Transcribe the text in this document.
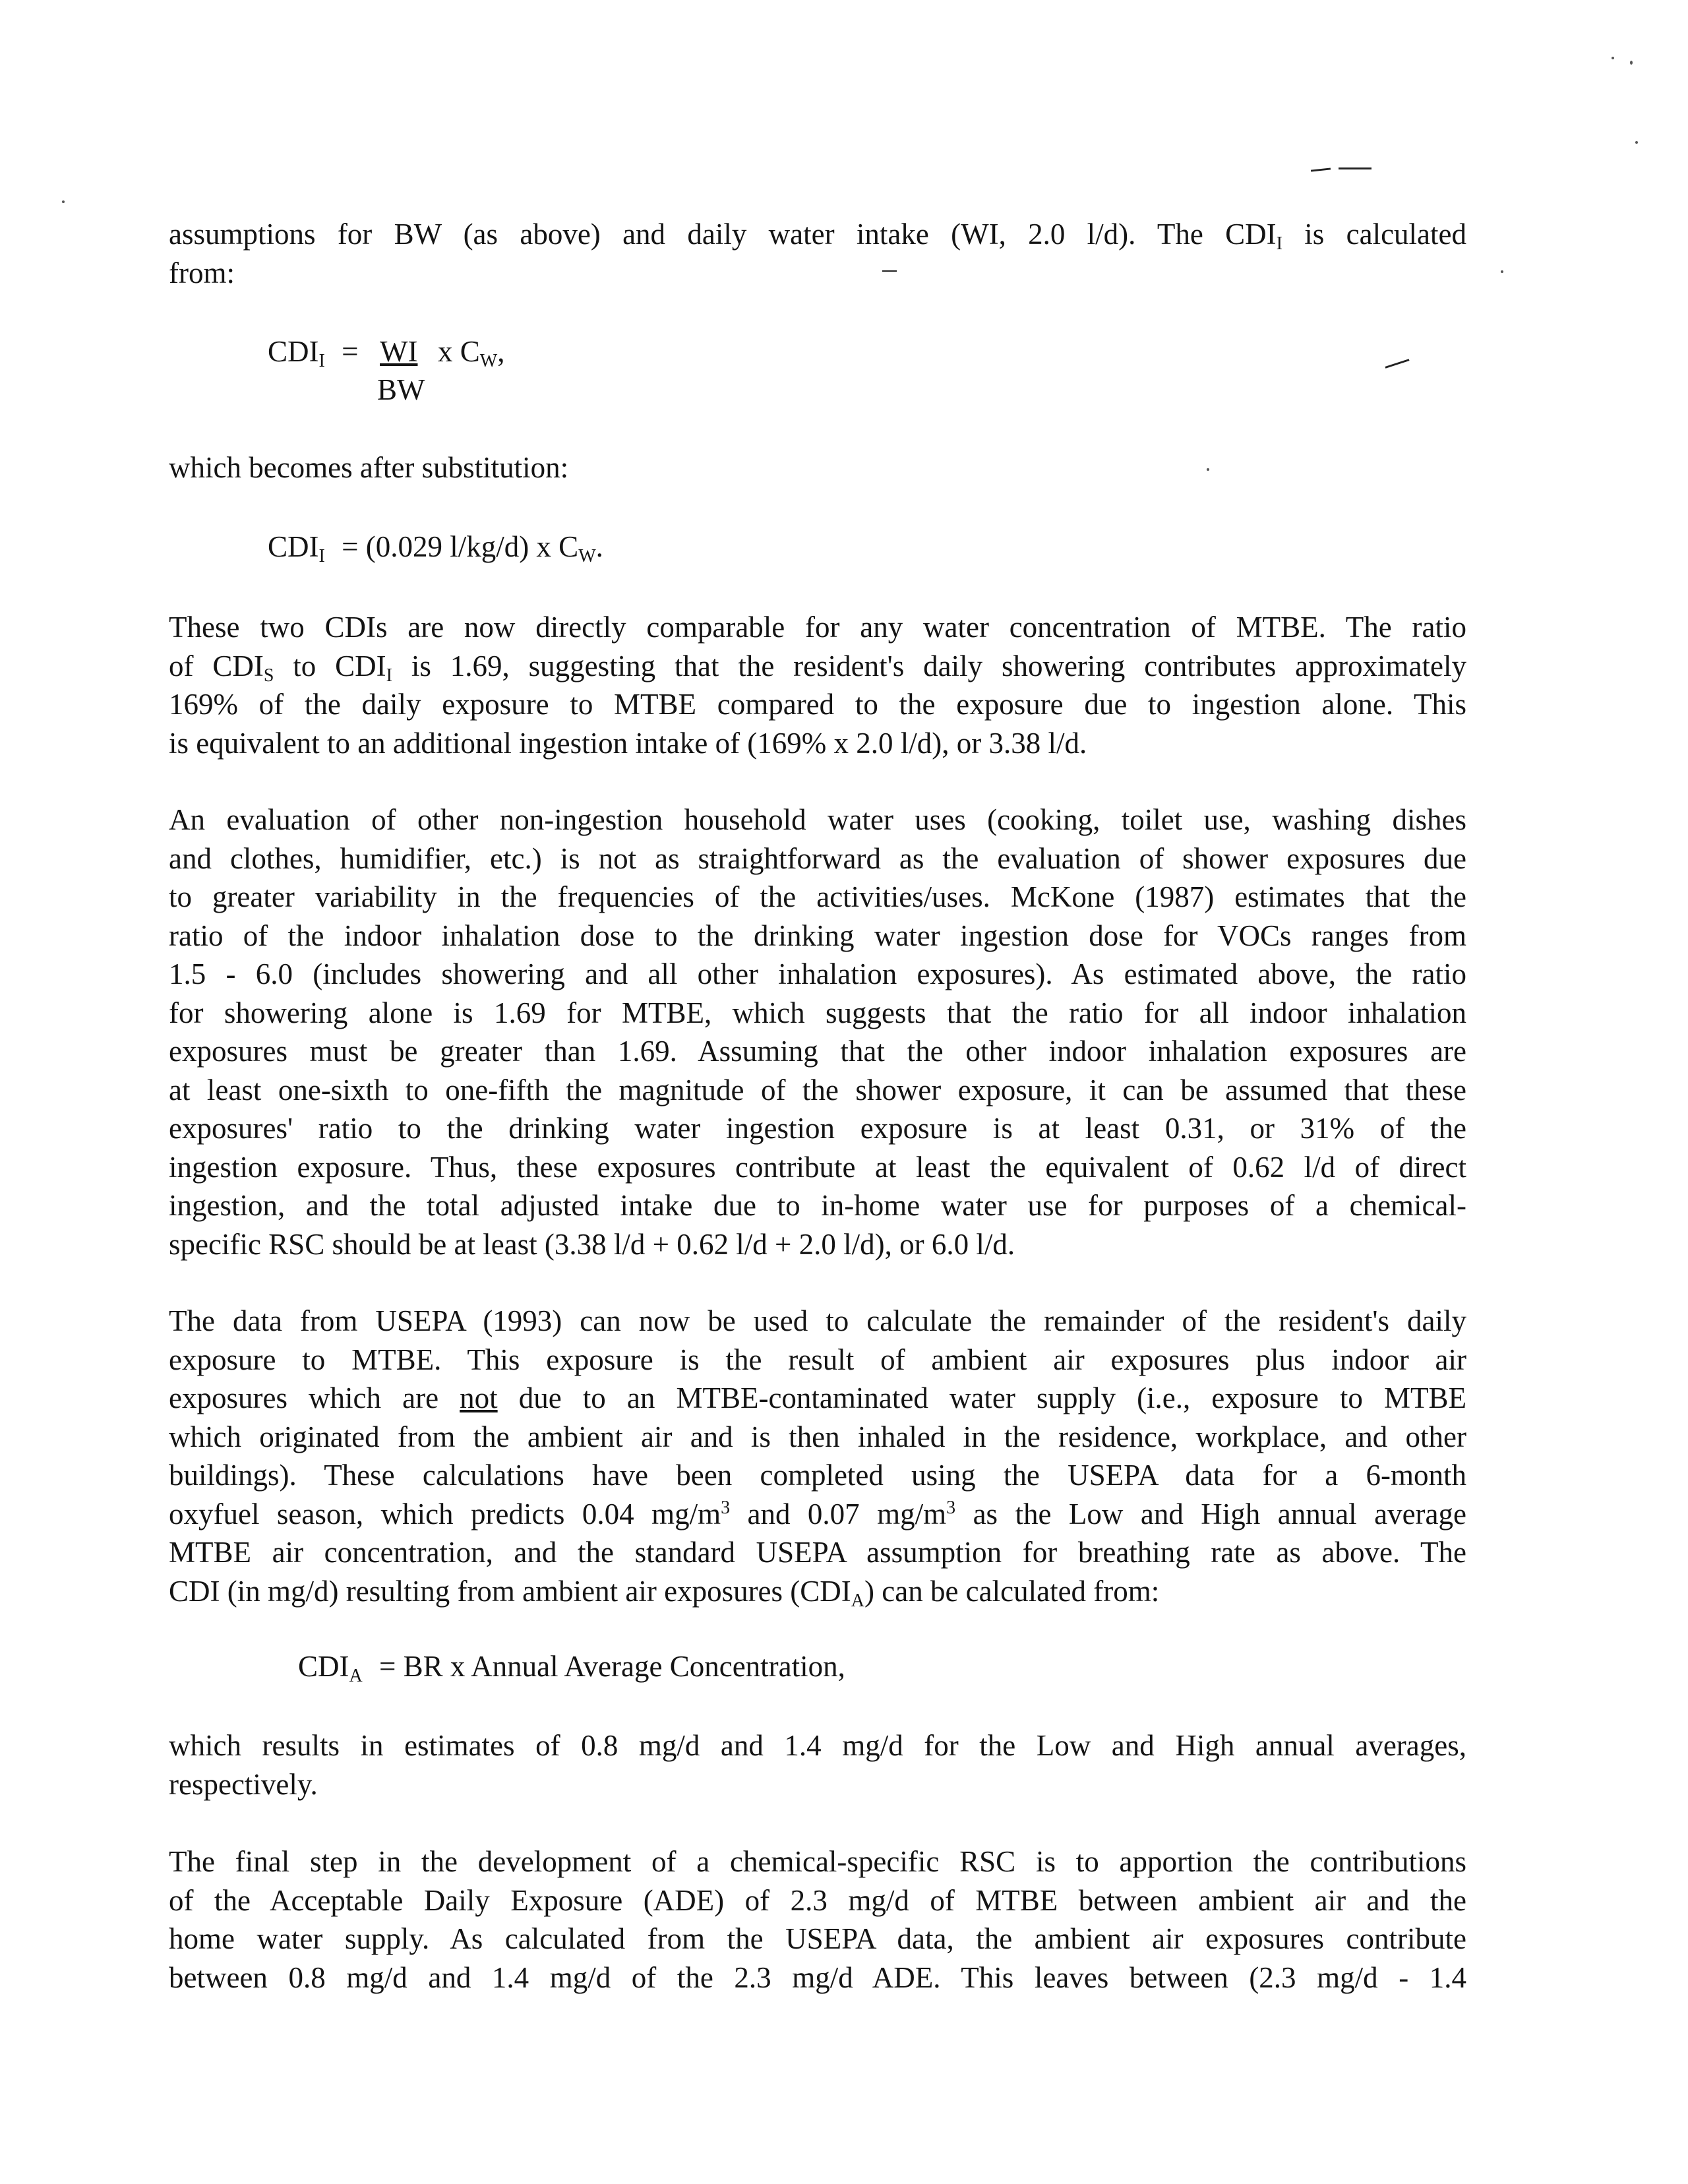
assumptions for BW (as above) and daily water intake (WI, 2.0 l/d). The $CDI_I$ is calculated
from:
$CDI_I$ = WI
BW
x $C_W$,
which becomes after substitution:
$CDI_I = (0.029$ l/kg/d) x $C_W$.
These two CDIs are now directly comparable for any water concentration of MTBE. The ratio
of $CDI_S$ to $CDI_I$ is 1.69, suggesting that the resident's daily showering contributes approximately
169% of the daily exposure to MTBE compared to the exposure due to ingestion alone. This
is equivalent to an additional ingestion intake of (169% x 2.0 l/d), or 3.38 l/d.
An evaluation of other non-ingestion household water uses (cooking, toilet use, washing dishes
and clothes, humidifier, etc.) is not as straightforward as the evaluation of shower exposures due
to greater variability in the frequencies of the activities/uses. McKone (1987) estimates that the
ratio of the indoor inhalation dose to the drinking water ingestion dose for VOCs ranges from
1.5 - 6.0 (includes showering and all other inhalation exposures). As estimated above, the ratio
for showering alone is 1.69 for MTBE, which suggests that the ratio for all indoor inhalation
exposures must be greater than 1.69. Assuming that the other indoor inhalation exposures are
at least one-sixth to one-fifth the magnitude of the shower exposure, it can be assumed that these
exposures' ratio to the drinking water ingestion exposure is at least 0.31, or 31% of the
ingestion exposure. Thus, these exposures contribute at least the equivalent of 0.62 l/d of direct
ingestion, and the total adjusted intake due to in-home water use for purposes of a chemical-
specific RSC should be at least (3.38 l/d + 0.62 l/d + 2.0 l/d), or 6.0 l/d.
The data from USEPA (1993) can now be used to calculate the remainder of the resident's daily
exposure to MTBE. This exposure is the result of ambient air exposures plus indoor air
exposures which are not due to an MTBE-contaminated water supply (i.e., exposure to MTBE
which originated from the ambient air and is then inhaled in the residence, workplace, and other
buildings). These calculations have been completed using the USEPA data for a 6-month
oxyfuel season, which predicts 0.04 $mg/m^3$ and 0.07 $mg/m^3$ as the Low and High annual average
MTBE air concentration, and the standard USEPA assumption for breathing rate as above. The
CDI (in mg/d) resulting from ambient air exposures $(CDI_A)$ can be calculated from:
$CDI_A$ = BR x Annual Average Concentration,
which results in estimates of 0.8 mg/d and 1.4 mg/d for the Low and High annual averages,
respectively.
The final step in the development of a chemical-specific RSC is to apportion the contributions
of the Acceptable Daily Exposure (ADE) of 2.3 mg/d of MTBE between ambient air and the
home water supply. As calculated from the USEPA data, the ambient air exposures contribute
between 0.8 mg/d and 1.4 mg/d of the 2.3 mg/d ADE. This leaves between (2.3 mg/d - 1.4
